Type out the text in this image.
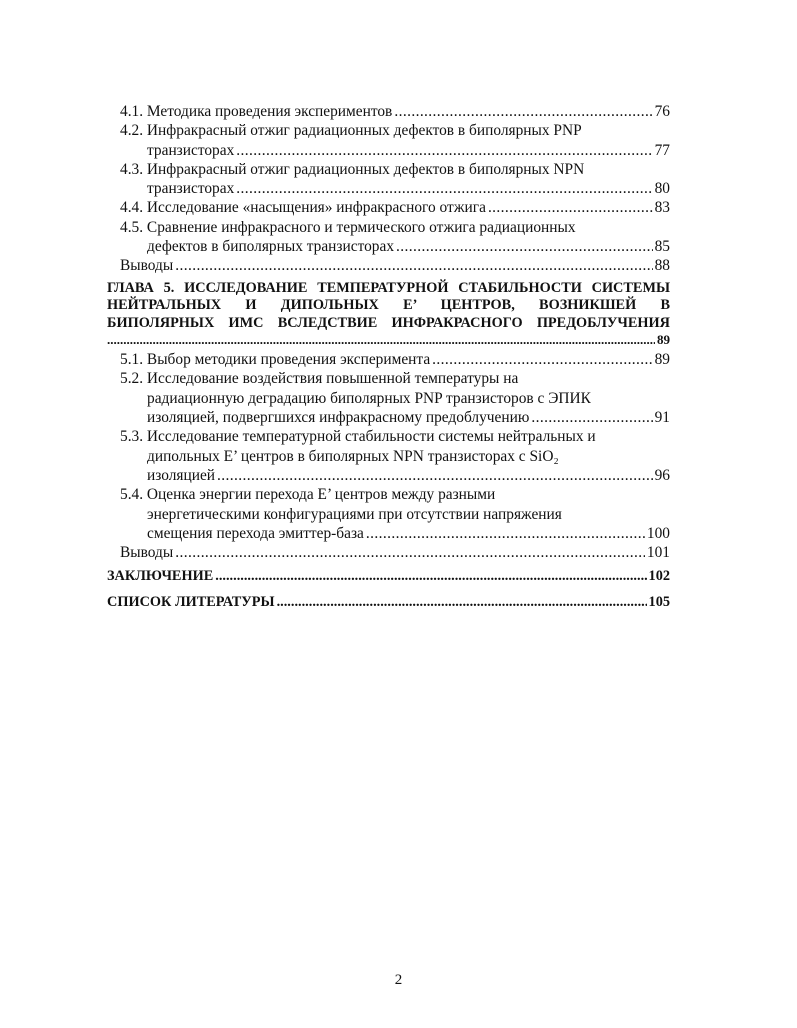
4.1. Методика проведения экспериментов .....	76
4.2. Инфракрасный отжиг радиационных дефектов в биполярных PNP
транзисторах .....	77
4.3. Инфракрасный отжиг радиационных дефектов в биполярных NPN
транзисторах .....	80
4.4. Исследование «насыщения» инфракрасного отжига .....	83
4.5. Сравнение инфракрасного и термического отжига радиационных
дефектов в биполярных транзисторах .....	85
Выводы .....	88
ГЛАВА 5. ИССЛЕДОВАНИЕ ТЕМПЕРАТУРНОЙ СТАБИЛЬНОСТИ СИСТЕМЫ
НЕЙТРАЛЬНЫХ И ДИПОЛЬНЫХ E’ ЦЕНТРОВ, ВОЗНИКШЕЙ В
БИПОЛЯРНЫХ ИМС ВСЛЕДСТВИЕ ИНФРАКРАСНОГО ПРЕДОБЛУЧЕНИЯ
.....
89
5.1. Выбор методики проведения эксперимента .....	89
5.2. Исследование воздействия повышенной температуры на
радиационную деградацию биполярных PNP транзисторов с ЭПИК
изоляцией, подвергшихся инфракрасному предоблучению .....	91
5.3. Исследование температурной стабильности системы нейтральных и
дипольных E’ центров в биполярных NPN транзисторах с SiO₂
изоляцией .....	96
5.4. Оценка энергии перехода E’ центров между разными
энергетическими конфигурациями при отсутствии напряжения
смещения перехода эмиттер-база .....	100
Выводы .....	101
ЗАКЛЮЧЕНИЕ .....	102
СПИСОК ЛИТЕРАТУРЫ .....	105
2
